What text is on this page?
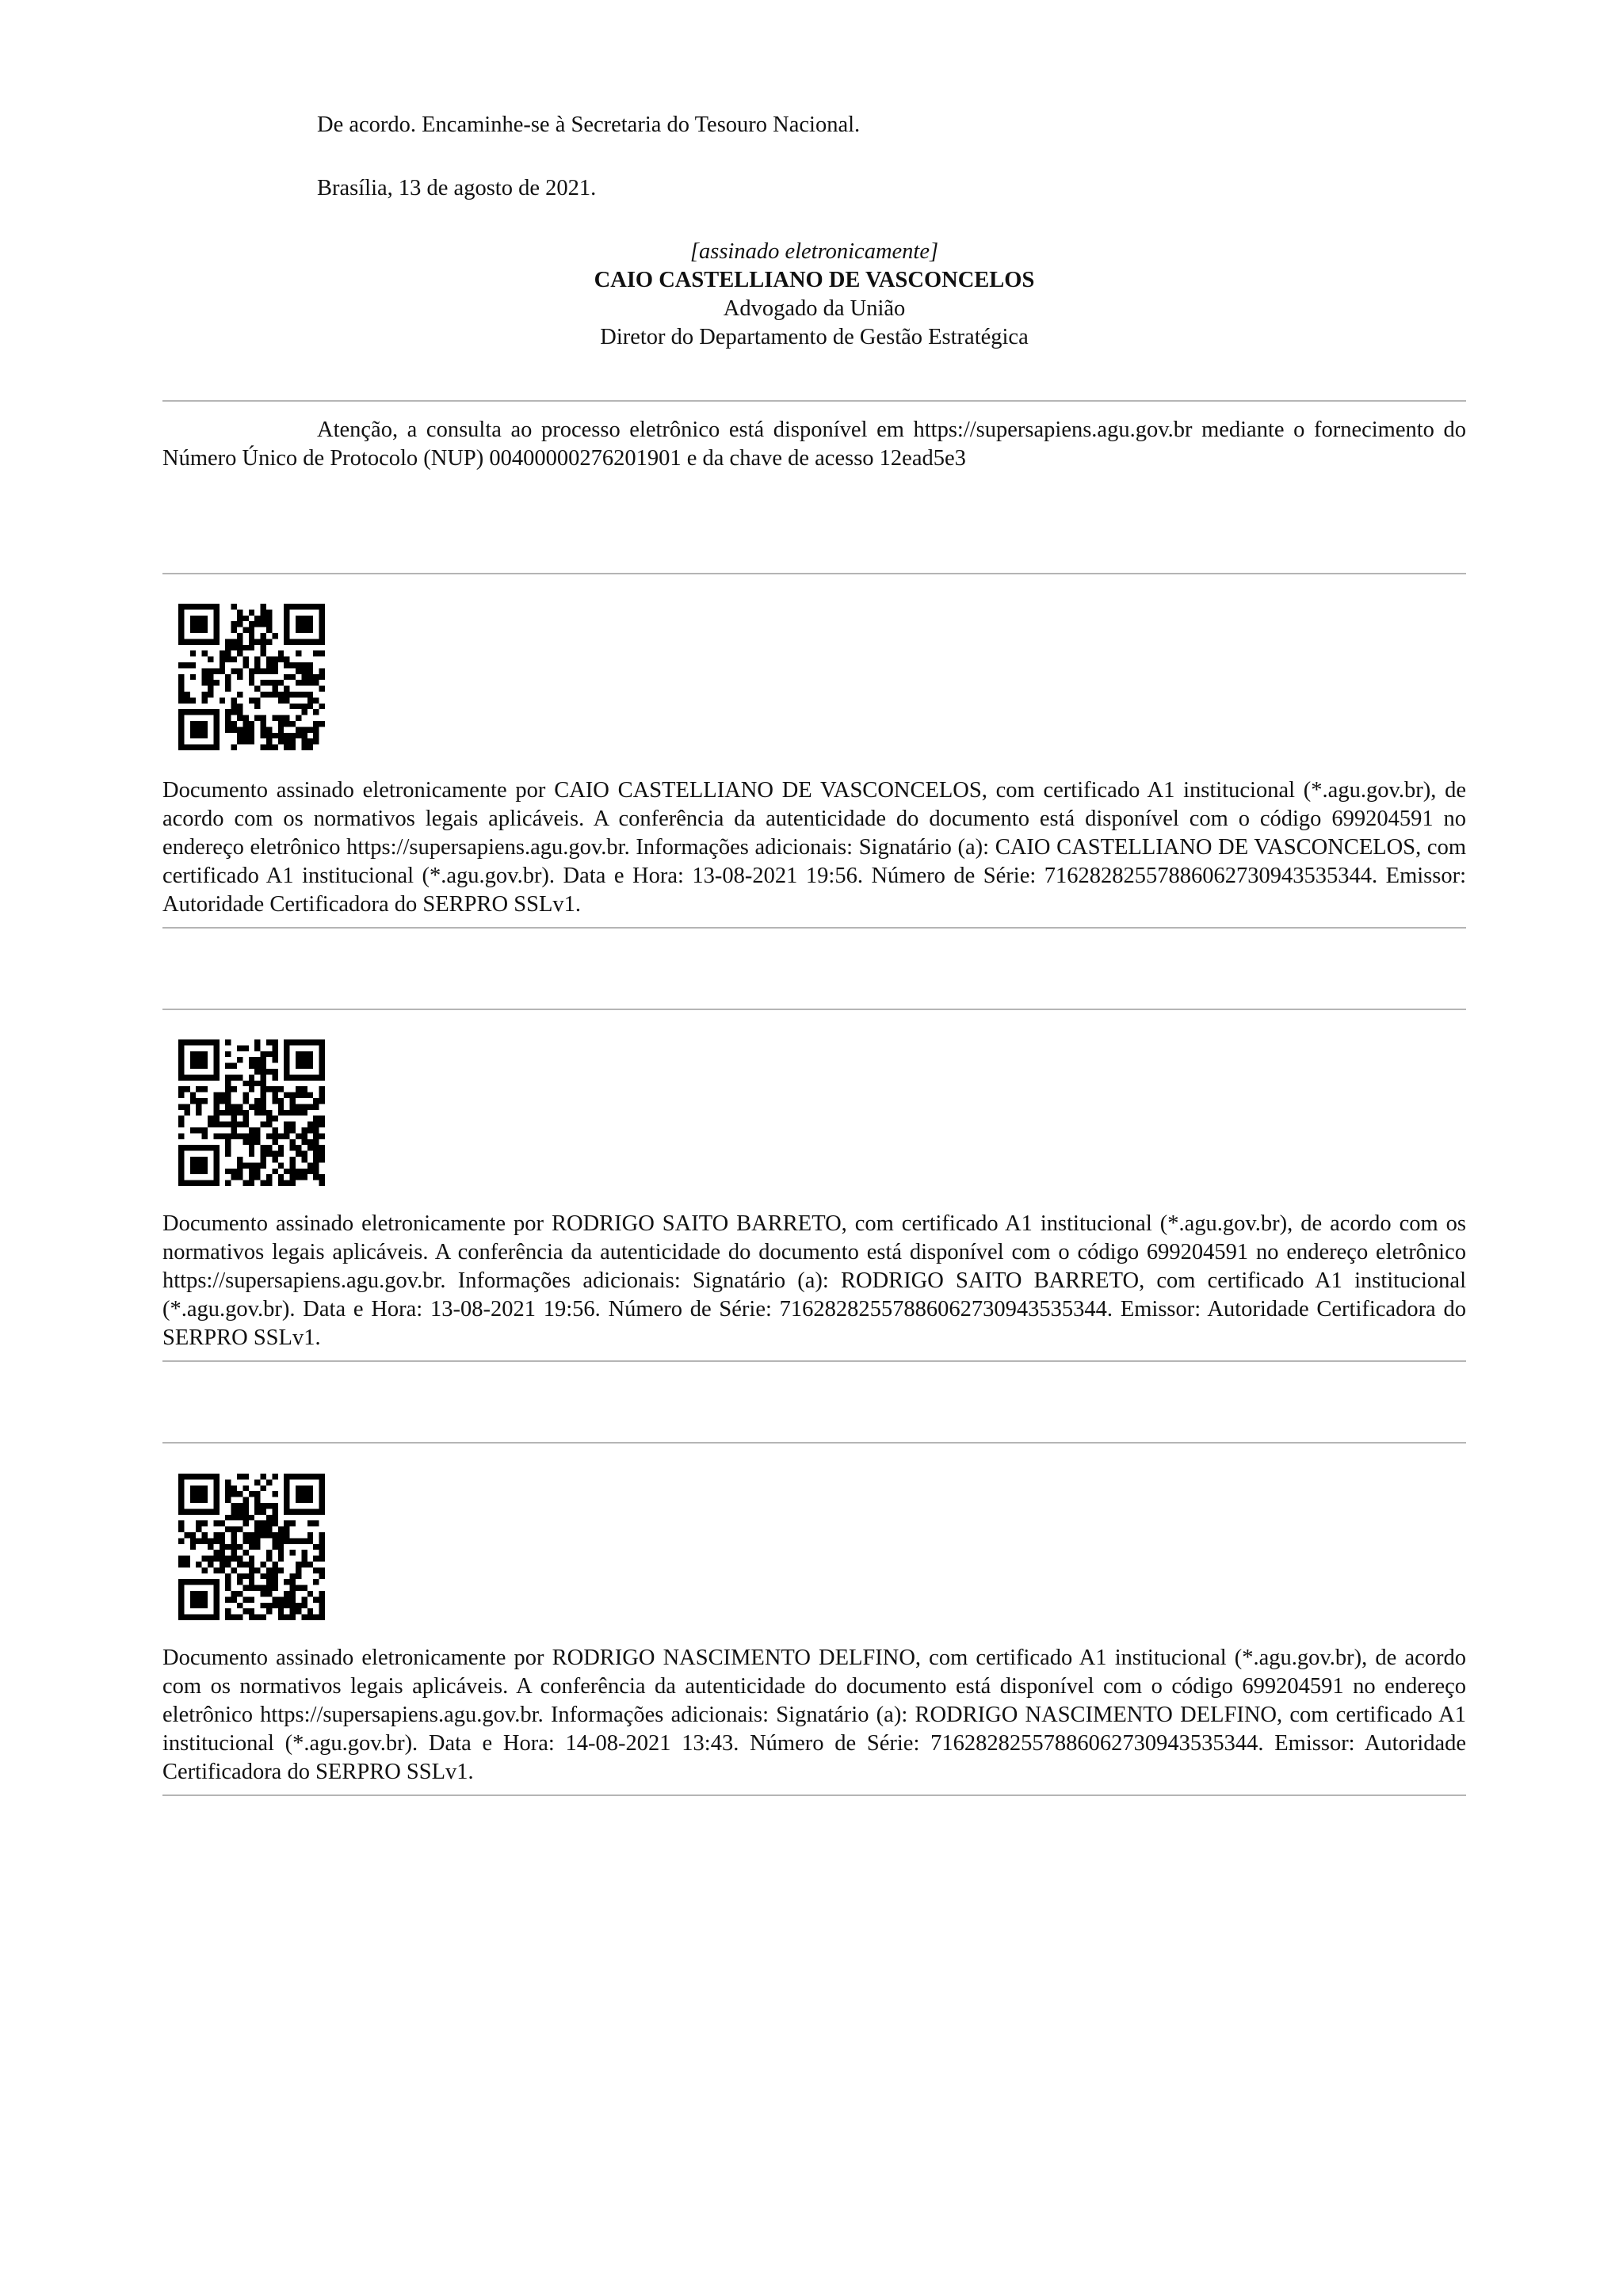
De acordo. Encaminhe-se à Secretaria do Tesouro Nacional.
Brasília, 13 de agosto de 2021.
[assinado eletronicamente]
CAIO CASTELLIANO DE VASCONCELOS
Advogado da União
Diretor do Departamento de Gestão Estratégica
Atenção, a consulta ao processo eletrônico está disponível em https://supersapiens.agu.gov.br mediante o fornecimento do Número Único de Protocolo (NUP) 00400000276201901 e da chave de acesso 12ead5e3
Documento assinado eletronicamente por CAIO CASTELLIANO DE VASCONCELOS, com certificado A1 institucional (*.agu.gov.br), de acordo com os normativos legais aplicáveis. A conferência da autenticidade do documento está disponível com o código 699204591 no endereço eletrônico https://supersapiens.agu.gov.br. Informações adicionais: Signatário (a): CAIO CASTELLIANO DE VASCONCELOS, com certificado A1 institucional (*.agu.gov.br). Data e Hora: 13-08-2021 19:56. Número de Série: 71628282557886062730943535344. Emissor: Autoridade Certificadora do SERPRO SSLv1.
Documento assinado eletronicamente por RODRIGO SAITO BARRETO, com certificado A1 institucional (*.agu.gov.br), de acordo com os normativos legais aplicáveis. A conferência da autenticidade do documento está disponível com o código 699204591 no endereço eletrônico https://supersapiens.agu.gov.br. Informações adicionais: Signatário (a): RODRIGO SAITO BARRETO, com certificado A1 institucional (*.agu.gov.br). Data e Hora: 13-08-2021 19:56. Número de Série: 71628282557886062730943535344. Emissor: Autoridade Certificadora do SERPRO SSLv1.
Documento assinado eletronicamente por RODRIGO NASCIMENTO DELFINO, com certificado A1 institucional (*.agu.gov.br), de acordo com os normativos legais aplicáveis. A conferência da autenticidade do documento está disponível com o código 699204591 no endereço eletrônico https://supersapiens.agu.gov.br. Informações adicionais: Signatário (a): RODRIGO NASCIMENTO DELFINO, com certificado A1 institucional (*.agu.gov.br). Data e Hora: 14-08-2021 13:43. Número de Série: 71628282557886062730943535344. Emissor: Autoridade Certificadora do SERPRO SSLv1.
